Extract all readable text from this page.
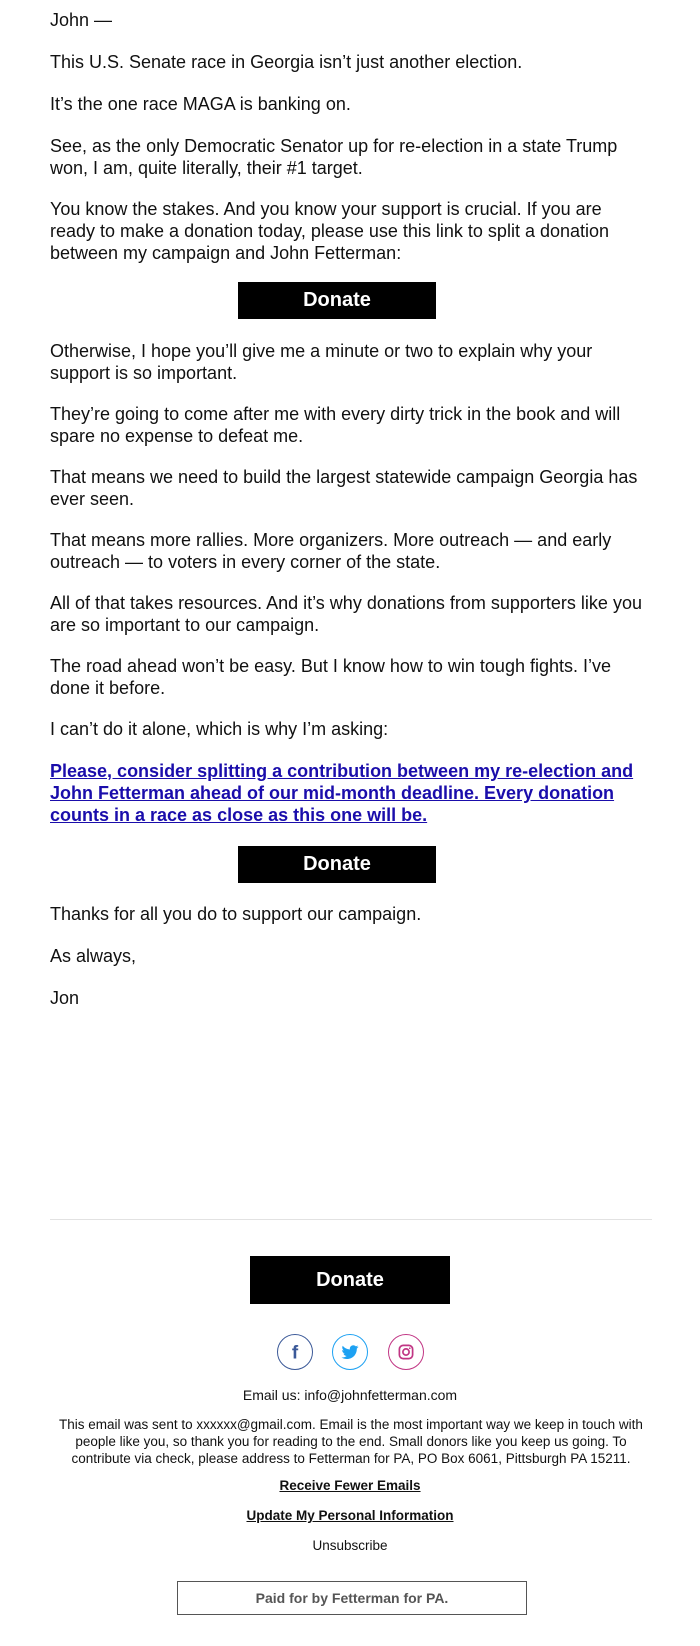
John —

This U.S. Senate race in Georgia isn’t just another election.

It’s the one race MAGA is banking on.

See, as the only Democratic Senator up for re-election in a state Trump won, I am, quite literally, their #1 target.

You know the stakes. And you know your support is crucial. If you are ready to make a donation today, please use this link to split a donation between my campaign and John Fetterman:

Donate

Otherwise, I hope you’ll give me a minute or two to explain why your support is so important.

They’re going to come after me with every dirty trick in the book and will spare no expense to defeat me.

That means we need to build the largest statewide campaign Georgia has ever seen.

That means more rallies. More organizers. More outreach — and early outreach — to voters in every corner of the state.

All of that takes resources. And it’s why donations from supporters like you are so important to our campaign.

The road ahead won’t be easy. But I know how to win tough fights. I’ve done it before.

I can’t do it alone, which is why I’m asking:

Please, consider splitting a contribution between my re-election and John Fetterman ahead of our mid-month deadline. Every donation counts in a race as close as this one will be.

Donate

Thanks for all you do to support our campaign.

As always,

Jon

Donate
f
Email us: info@johnfetterman.com
This email was sent to xxxxxx@gmail.com. Email is the most important way we keep in touch with people like you, so thank you for reading to the end. Small donors like you keep us going. To contribute via check, please address to Fetterman for PA, PO Box 6061, Pittsburgh PA 15211.
Receive Fewer Emails
Update My Personal Information
Unsubscribe
Paid for by Fetterman for PA.
